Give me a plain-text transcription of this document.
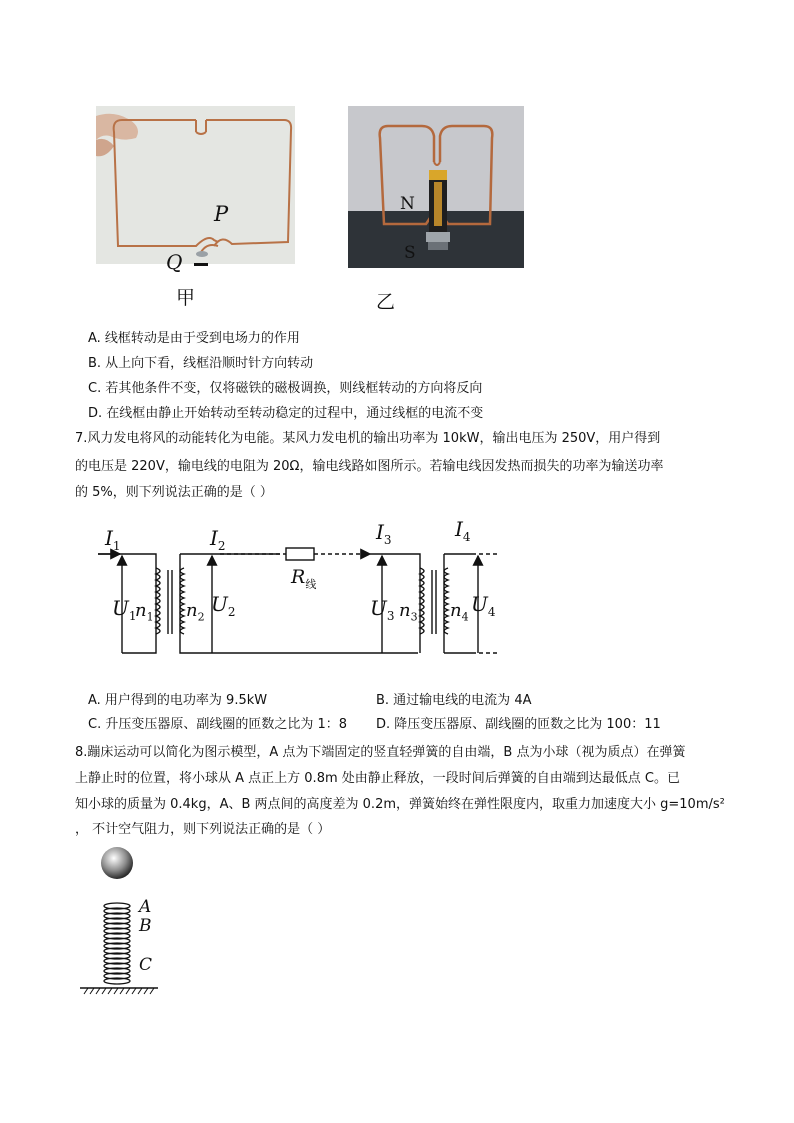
P
Q
甲
N
S
乙
A. 线框转动是由于受到电场力的作用
B. 从上向下看，线框沿顺时针方向转动
C. 若其他条件不变，仅将磁铁的磁极调换，则线框转动的方向将反向
D. 在线框由静止开始转动至转动稳定的过程中，通过线框的电流不变
7.风力发电将风的动能转化为电能。某风力发电机的输出功率为 10kW，输出电压为 250V，用户得到
的电压是 220V，输电线的电阻为 20Ω，输电线路如图所示。若输电线因发热而损失的功率为输送功率
的 5%，则下列说法正确的是（ ）
$I_1$	$I_2$
$I_3$	$I_4$
$U_1$
$n_1$ $n_2$
$U_2$
$R_线$
$U_3$ $n_3$ $n_4$
$U_4$
A. 用户得到的电功率为 9.5kW	B. 通过输电线的电流为 4A
C. 升压变压器原、副线圈的匝数之比为 1：8 D. 降压变压器原、副线圈的匝数之比为 100：11
8.蹦床运动可以简化为图示模型，A 点为下端固定的竖直轻弹簧的自由端，B 点为小球（视为质点）在弹簧
上静止时的位置，将小球从 A 点正上方 0.8m 处由静止释放，一段时间后弹簧的自由端到达最低点 C。已
知小球的质量为 0.4kg，A、B 两点间的高度差为 0.2m，弹簧始终在弹性限度内，取重力加速度大小 g=10m/s²
， 不计空气阻力，则下列说法正确的是（ ）
A
B
C
